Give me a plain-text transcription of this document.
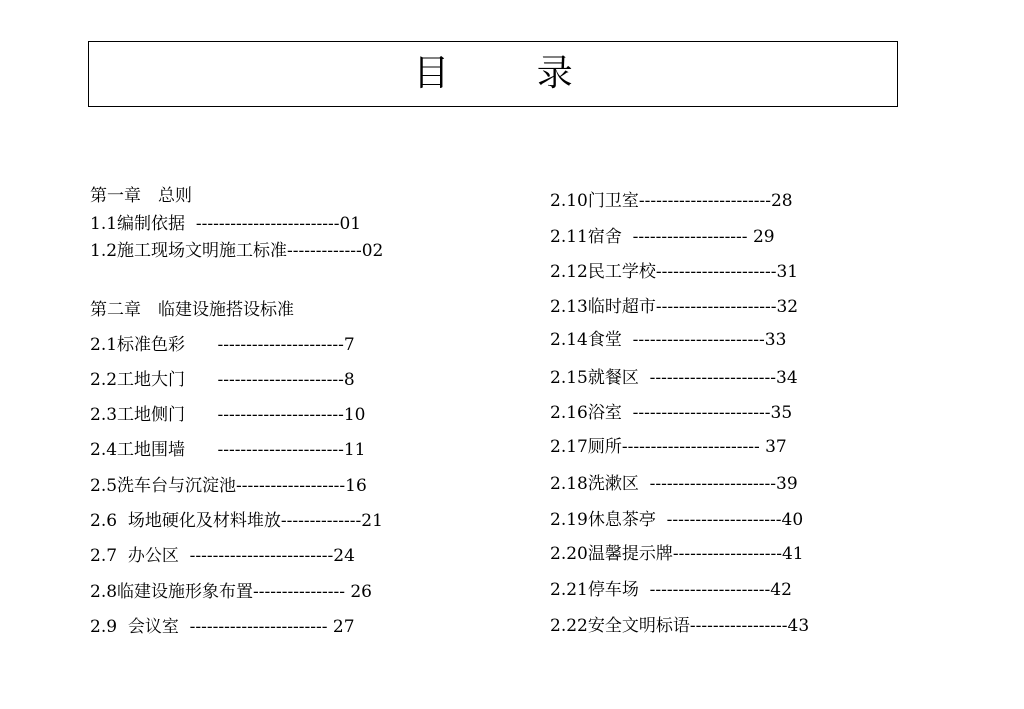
目 录
第一章　总则
1.1编制依据  -------------------------01
1.2施工现场文明施工标准-------------02
第二章　临建设施搭设标准
2.1标准色彩      ----------------------7
2.2工地大门      ----------------------8
2.3工地侧门      ----------------------10
2.4工地围墙      ----------------------11
2.5洗车台与沉淀池-------------------16
2.6  场地硬化及材料堆放--------------21
2.7  办公区  -------------------------24
2.8临建设施形象布置---------------- 26
2.9  会议室  ------------------------ 27
2.10门卫室-----------------------28
2.11宿舍  -------------------- 29
2.12民工学校---------------------31
2.13临时超市---------------------32
2.14食堂  -----------------------33
2.15就餐区  ----------------------34
2.16浴室  ------------------------35
2.17厕所------------------------ 37
2.18洗漱区  ----------------------39
2.19休息茶亭  --------------------40
2.20温馨提示牌-------------------41
2.21停车场  ---------------------42
2.22安全文明标语-----------------43
